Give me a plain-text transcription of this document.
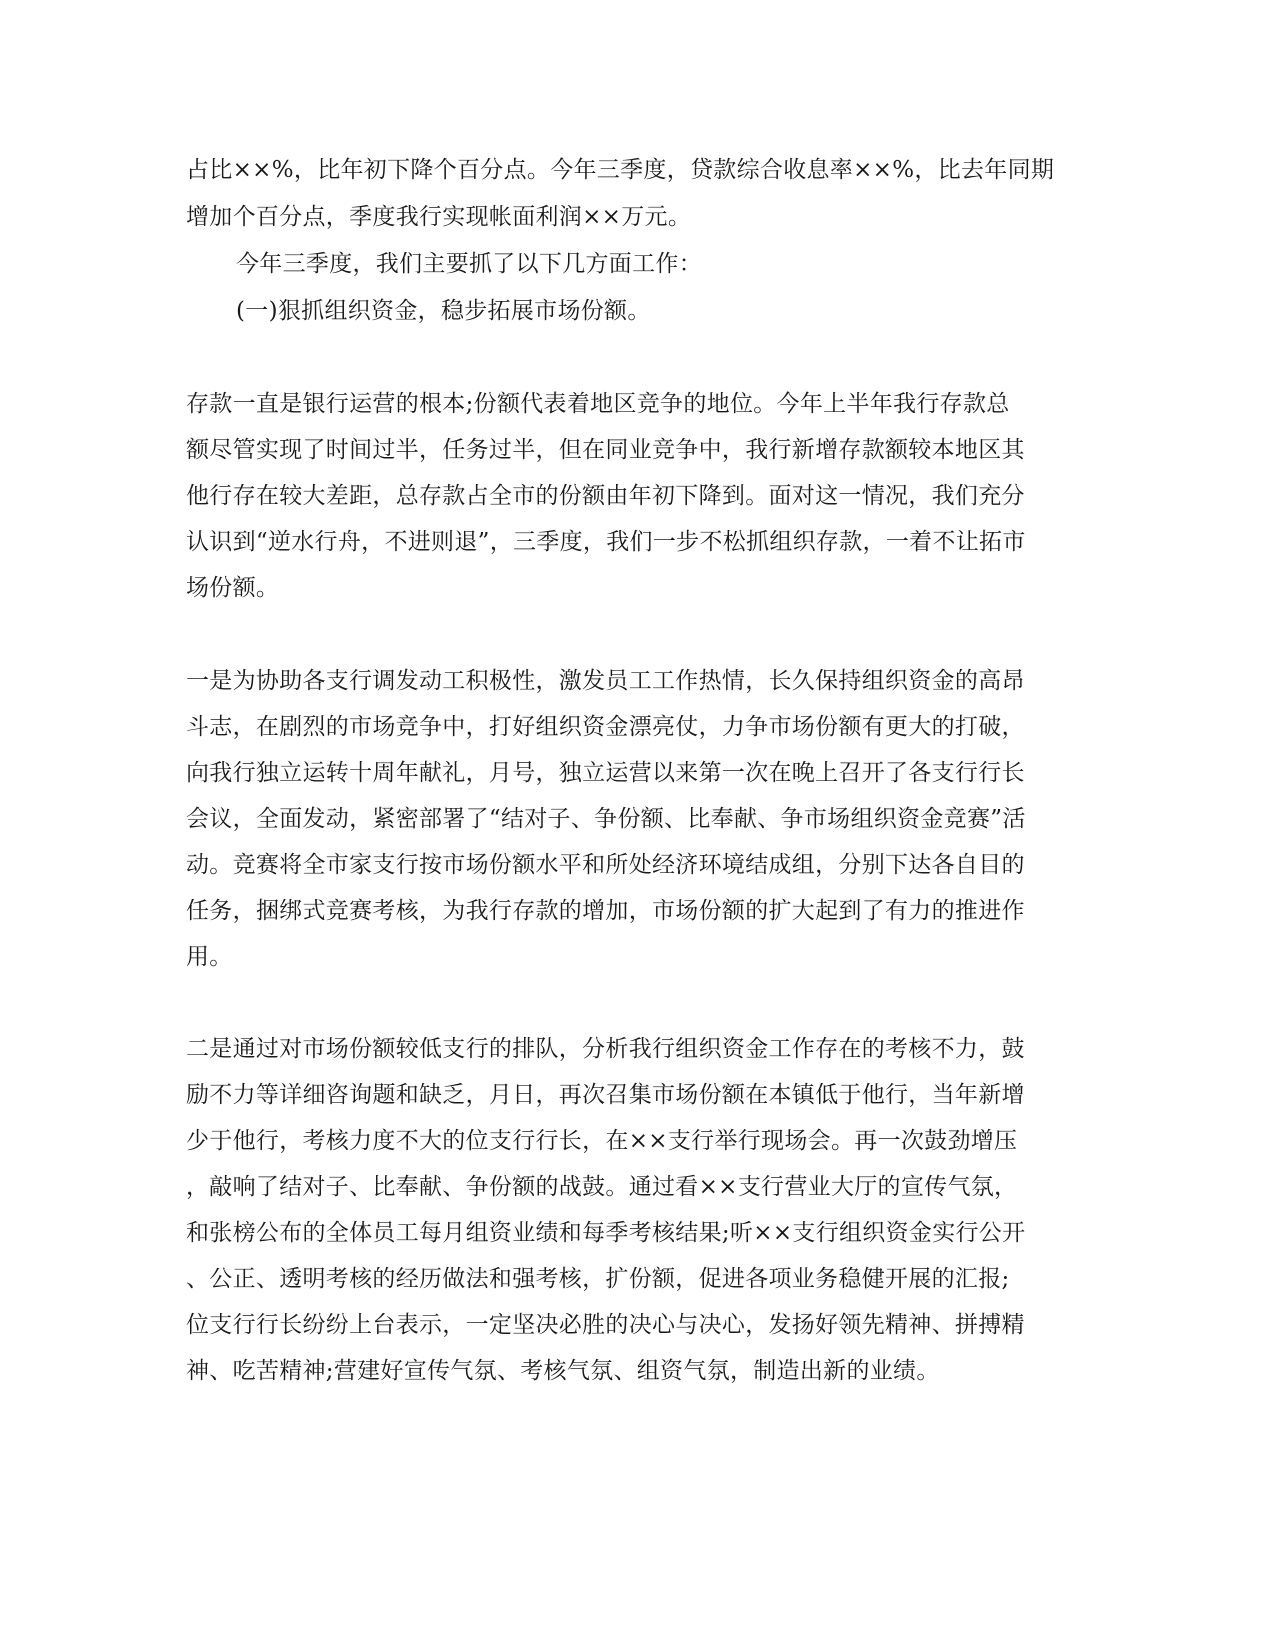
占比××%，比年初下降个百分点。今年三季度，贷款综合收息率××%，比去年同期
增加个百分点，季度我行实现帐面利润××万元。
今年三季度，我们主要抓了以下几方面工作：
(一)狠抓组织资金，稳步拓展市场份额。
存款一直是银行运营的根本;份额代表着地区竞争的地位。今年上半年我行存款总
额尽管实现了时间过半，任务过半，但在同业竞争中，我行新增存款额较本地区其
他行存在较大差距，总存款占全市的份额由年初下降到。面对这一情况，我们充分
认识到“逆水行舟，不进则退”，三季度，我们一步不松抓组织存款，一着不让拓市
场份额。
一是为协助各支行调发动工积极性，激发员工工作热情，长久保持组织资金的高昂
斗志，在剧烈的市场竞争中，打好组织资金漂亮仗，力争市场份额有更大的打破，
向我行独立运转十周年献礼，月号，独立运营以来第一次在晚上召开了各支行行长
会议，全面发动，紧密部署了“结对子、争份额、比奉献、争市场组织资金竞赛”活
动。竞赛将全市家支行按市场份额水平和所处经济环境结成组，分别下达各自目的
任务，捆绑式竞赛考核，为我行存款的增加，市场份额的扩大起到了有力的推进作
用。
二是通过对市场份额较低支行的排队，分析我行组织资金工作存在的考核不力，鼓
励不力等详细咨询题和缺乏，月日，再次召集市场份额在本镇低于他行，当年新增
少于他行，考核力度不大的位支行行长，在××支行举行现场会。再一次鼓劲增压
，敲响了结对子、比奉献、争份额的战鼓。通过看××支行营业大厅的宣传气氛，
和张榜公布的全体员工每月组资业绩和每季考核结果;听××支行组织资金实行公开
、公正、透明考核的经历做法和强考核，扩份额，促进各项业务稳健开展的汇报;
位支行行长纷纷上台表示，一定坚决必胜的决心与决心，发扬好领先精神、拼搏精
神、吃苦精神;营建好宣传气氛、考核气氛、组资气氛，制造出新的业绩。
